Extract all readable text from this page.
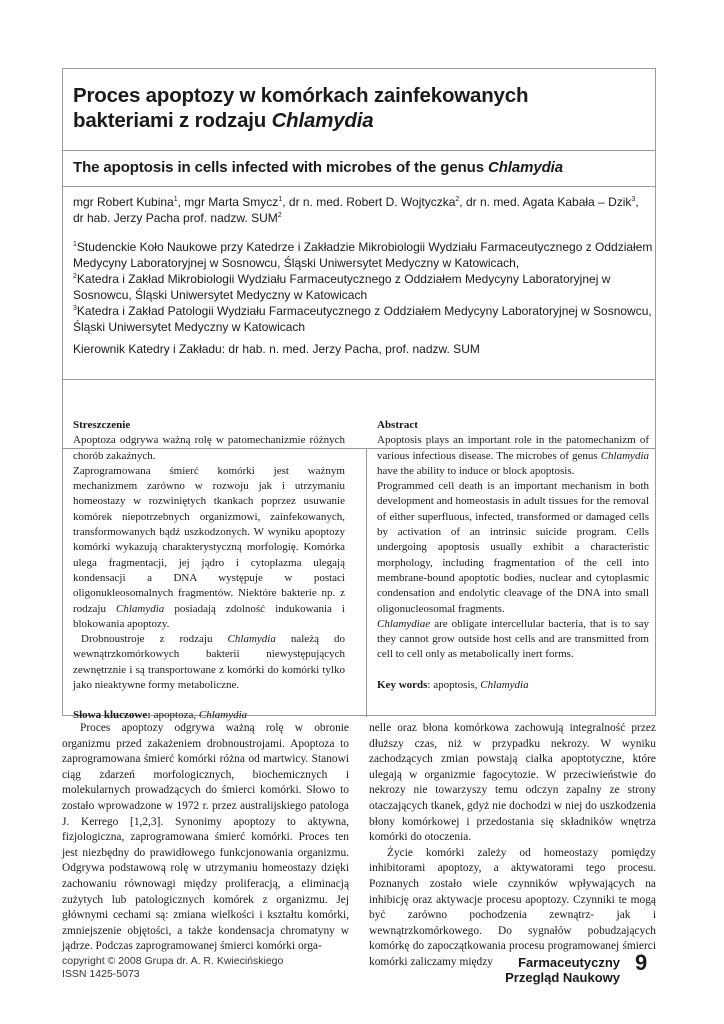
Proces apoptozy w komórkach zainfekowanych bakteriami z rodzaju Chlamydia
The apoptosis in cells infected with microbes of the genus Chlamydia
mgr Robert Kubina$^1$, mgr Marta Smycz$^1$, dr n. med. Robert D. Wojtyczka$^2$, dr n. med. Agata Kabała – Dzik$^3$, dr hab. Jerzy Pacha prof. nadzw. SUM$^2$

$^1$Studenckie Koło Naukowe przy Katedrze i Zakładzie Mikrobiologii Wydziału Farmaceutycznego z Oddziałem Medycyny Laboratoryjnej w Sosnowcu, Śląski Uniwersytet Medyczny w Katowicach,

$^2$Katedra i Zakład Mikrobiologii Wydziału Farmaceutycznego z Oddziałem Medycyny Laboratoryjnej w Sosnowcu, Śląski Uniwersytet Medyczny w Katowicach

$^3$Katedra i Zakład Patologii Wydziału Farmaceutycznego z Oddziałem Medycyny Laboratoryjnej w Sosnowcu, Śląski Uniwersytet Medyczny w Katowicach

Kierownik Katedry i Zakładu: dr hab. n. med. Jerzy Pacha, prof. nadzw. SUM
Streszczenie

Apoptoza odgrywa ważną rolę w patomechanizmie różnych chorób zakaźnych.

Zaprogramowana śmierć komórki jest ważnym mechanizmem zarówno w rozwoju jak i utrzymaniu homeostazy w rozwiniętych tkankach poprzez usuwanie komórek niepotrzebnych organizmowi, zainfekowanych, transformowanych bądź uszkodzonych. W wyniku apoptozy komórki wykazują charakterystyczną morfologię. Komórka ulega fragmentacji, jej jądro i cytoplazma ulegają kondensacji a DNA występuje w postaci oligonukleosomalnych fragmentów. Niektóre bakterie np. z rodzaju Chlamydia posiadają zdolność indukowania i blokowania apoptozy.

Drobnoustroje z rodzaju Chlamydia należą do wewnątrzkomórkowych bakterii niewystępujących zewnętrznie i są transportowane z komórki do komórki tylko jako nieaktywne formy metaboliczne.

Słowa kluczowe: apoptoza, Chlamydia

Abstract

Apoptosis plays an important role in the patomechanizm of various infectious disease. The microbes of genus Chlamydia have the ability to induce or block apoptosis.

Programmed cell death is an important mechanism in both development and homeostasis in adult tissues for the removal of either superfluous, infected, transformed or damaged cells by activation of an intrinsic suicide program. Cells undergoing apoptosis usually exhibit a characteristic morphology, including fragmentation of the cell into membrane-bound apoptotic bodies, nuclear and cytoplasmic condensation and endolytic cleavage of the DNA into small oligonucleosomal fragments.

Chlamydiae are obligate intercellular bacteria, that is to say they cannot grow outside host cells and are transmitted from cell to cell only as metabolically inert forms.

Key words: apoptosis, Chlamydia

Proces apoptozy odgrywa ważną rolę w obronie organizmu przed zakażeniem drobnoustrojami. Apoptoza to zaprogramowana śmierć komórki różna od martwicy. Stanowi ciąg zdarzeń morfologicznych, biochemicznych i molekularnych prowadzących do śmierci komórki. Słowo to zostało wprowadzone w 1972 r. przez australijskiego patologa J. Kerrego [1,2,3]. Synonimy apoptozy to aktywna, fizjologiczna, zaprogramowana śmierć komórki. Proces ten jest niezbędny do prawidłowego funkcjonowania organizmu. Odgrywa podstawową rolę w utrzymaniu homeostazy dzięki zachowaniu równowagi między proliferacją, a eliminacją zużytych lub patologicznych komórek z organizmu. Jej głównymi cechami są: zmiana wielkości i kształtu komórki, zmniejszenie objętości, a także kondensacja chromatyny w jądrze. Podczas zaprogramowanej śmierci komórki orga-

nelle oraz błona komórkowa zachowują integralność przez dłuższy czas, niż w przypadku nekrozy. W wyniku zachodzących zmian powstają ciałka apoptotyczne, które ulegają w organizmie fagocytozie. W przeciwieństwie do nekrozy nie towarzyszy temu odczyn zapalny ze strony otaczających tkanek, gdyż nie dochodzi w niej do uszkodzenia błony komórkowej i przedostania się składników wnętrza komórki do otoczenia.

Życie komórki zależy od homeostazy pomiędzy inhibitorami apoptozy, a aktywatorami tego procesu. Poznanych zostało wiele czynników wpływających na inhibicję oraz aktywacje procesu apoptozy. Czynniki te mogą być zarówno pochodzenia zewnątrz- jak i wewnątrzkomórkowego. Do sygnałów pobudzających komórkę do zapoczątkowania procesu programowanej śmierci komórki zaliczamy między

copyright © 2008 Grupa dr. A. R. Kwiecińskiego
ISSN 1425-5073
Farmaceutyczny
Przegląd Naukowy
9
